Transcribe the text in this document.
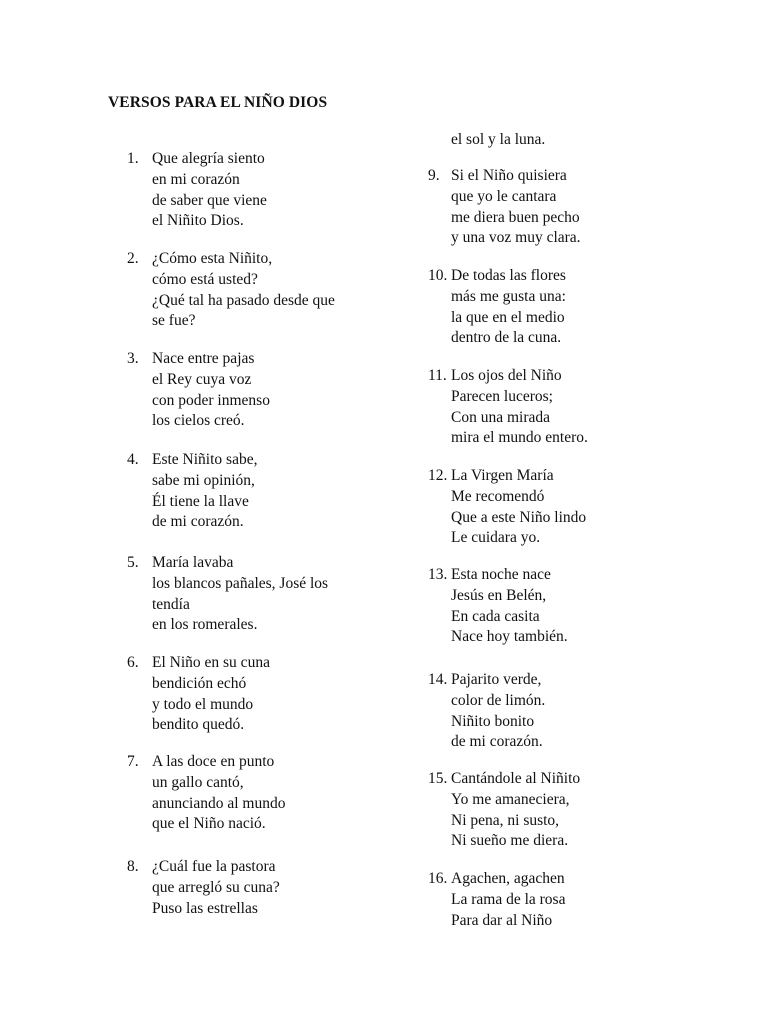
VERSOS PARA EL NIÑO DIOS
1. Que alegría siento
en mi corazón
de saber que viene
el Niñito Dios.
2. ¿Cómo esta Niñito,
cómo está usted?
¿Qué tal ha pasado desde que
se fue?
3. Nace entre pajas
el Rey cuya voz
con poder inmenso
los cielos creó.
4. Este Niñito sabe,
sabe mi opinión,
Él tiene la llave
de mi corazón.
5. María lavaba
los blancos pañales, José los
tendía
en los romerales.
6. El Niño en su cuna
bendición echó
y todo el mundo
bendito quedó.
7. A las doce en punto
un gallo cantó,
anunciando al mundo
que el Niño nació.
8. ¿Cuál fue la pastora
que arregló su cuna?
Puso las estrellas
el sol y la luna.
9. Si el Niño quisiera
que yo le cantara
me diera buen pecho
y una voz muy clara.
10. De todas las flores
más me gusta una:
la que en el medio
dentro de la cuna.
11. Los ojos del Niño
Parecen luceros;
Con una mirada
mira el mundo entero.
12. La Virgen María
Me recomendó
Que a este Niño lindo
Le cuidara yo.
13. Esta noche nace
Jesús en Belén,
En cada casita
Nace hoy también.
14. Pajarito verde,
color de limón.
Niñito bonito
de mi corazón.
15. Cantándole al Niñito
Yo me amaneciera,
Ni pena, ni susto,
Ni sueño me diera.
16. Agachen, agachen
La rama de la rosa
Para dar al Niño
